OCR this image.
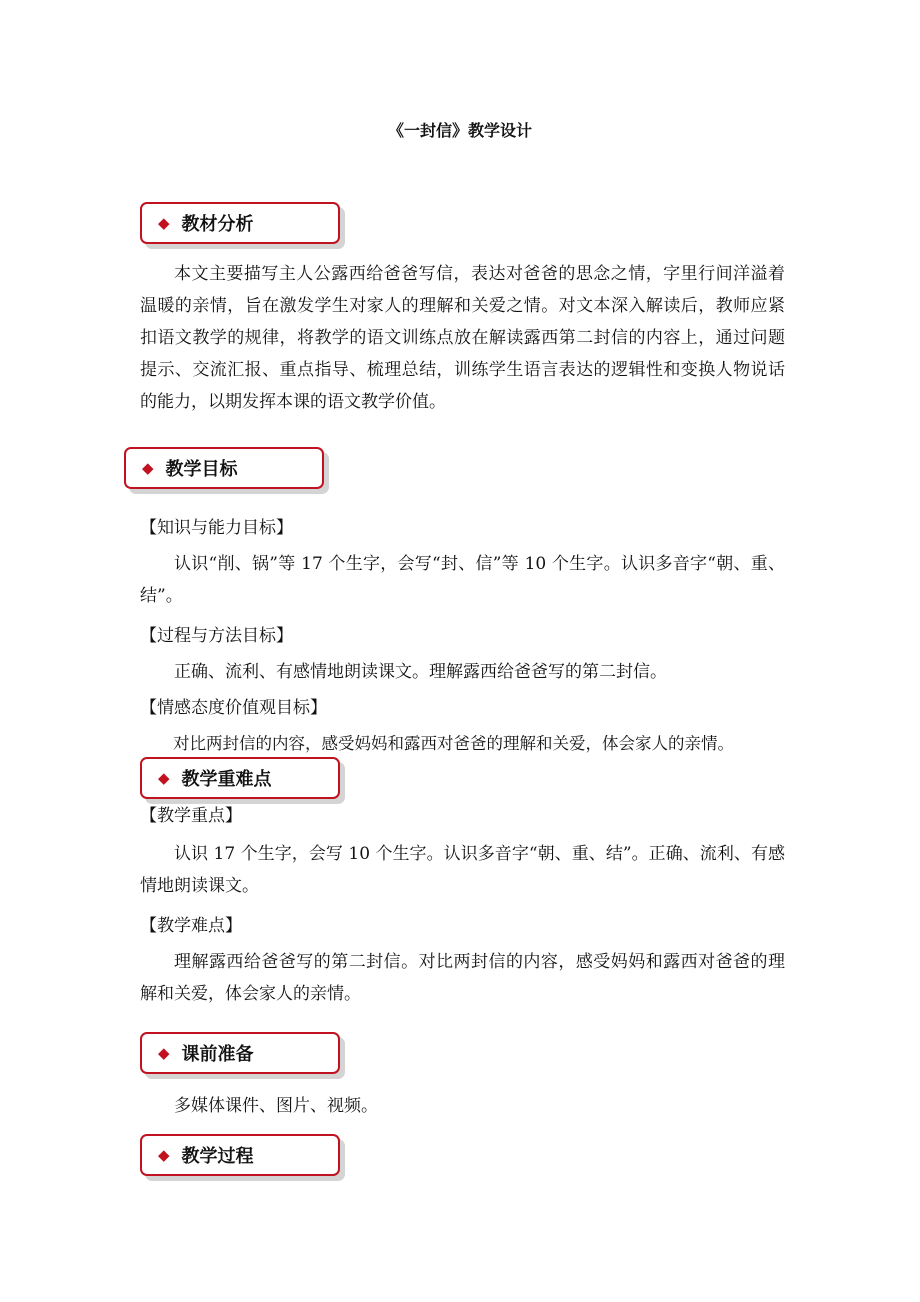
《一封信》教学设计
◆ 教材分析

本文主要描写主人公露西给爸爸写信，表达对爸爸的思念之情，字里行间洋溢着温暖的亲情，旨在激发学生对家人的理解和关爱之情。对文本深入解读后，教师应紧扣语文教学的规律，将教学的语文训练点放在解读露西第二封信的内容上，通过问题提示、交流汇报、重点指导、梳理总结，训练学生语言表达的逻辑性和变换人物说话的能力，以期发挥本课的语文教学价值。

◆ 教学目标

【知识与能力目标】

认识“削、锅”等 17 个生字，会写“封、信”等 10 个生字。认识多音字“朝、重、结”。

【过程与方法目标】

正确、流利、有感情地朗读课文。理解露西给爸爸写的第二封信。

【情感态度价值观目标】

对比两封信的内容，感受妈妈和露西对爸爸的理解和关爱，体会家人的亲情。

◆ 教学重难点

【教学重点】

认识 17 个生字，会写 10 个生字。认识多音字“朝、重、结”。正确、流利、有感情地朗读课文。

【教学难点】

理解露西给爸爸写的第二封信。对比两封信的内容，感受妈妈和露西对爸爸的理解和关爱，体会家人的亲情。

◆ 课前准备

多媒体课件、图片、视频。

◆ 教学过程
